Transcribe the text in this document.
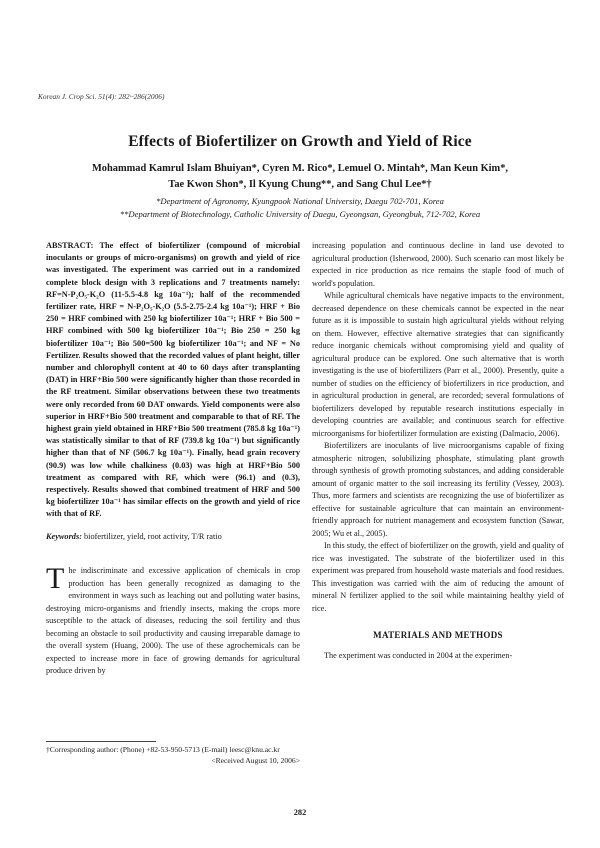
Korean J. Crop Sci. 51(4): 282~286(2006)
Effects of Biofertilizer on Growth and Yield of Rice
Mohammad Kamrul Islam Bhuiyan*, Cyren M. Rico*, Lemuel O. Mintah*, Man Keun Kim*,
Tae Kwon Shon*, Il Kyung Chung**, and Sang Chul Lee*†
*Department of Agronomy, Kyungpook National University, Daegu 702-701, Korea
**Department of Biotechnology, Catholic University of Daegu, Gyeongsan, Gyeongbuk, 712-702, Korea
ABSTRACT: The effect of biofertilizer (compound of microbial inoculants or groups of micro-organisms) on growth and yield of rice was investigated. The experiment was carried out in a randomized complete block design with 3 replications and 7 treatments namely: RF=N-P₂O₅-K₂O (11-5.5-4.8 kg 10a⁻¹); half of the recommended fertilizer rate, HRF = N-P₂O₅-K₂O (5.5-2.75-2.4 kg 10a⁻¹); HRF + Bio 250 = HRF combined with 250 kg biofertilizer 10a⁻¹; HRF + Bio 500 = HRF combined with 500 kg biofertilizer 10a⁻¹; Bio 250 = 250 kg biofertilizer 10a⁻¹; Bio 500=500 kg biofertilizer 10a⁻¹; and NF = No Fertilizer. Results showed that the recorded values of plant height, tiller number and chlorophyll content at 40 to 60 days after transplanting (DAT) in HRF+Bio 500 were significantly higher than those recorded in the RF treatment. Similar observations between these two treatments were only recorded from 60 DAT onwards. Yield components were also superior in HRF+Bio 500 treatment and comparable to that of RF. The highest grain yield obtained in HRF+Bio 500 treatment (785.8 kg 10a⁻¹) was statistically similar to that of RF (739.8 kg 10a⁻¹) but significantly higher than that of NF (506.7 kg 10a⁻¹). Finally, head grain recovery (90.9) was low while chalkiness (0.03) was high at HRF+Bio 500 treatment as compared with RF, which were (96.1) and (0.3), respectively. Results showed that combined treatment of HRF and 500 kg biofertilizer 10a⁻¹ has similar effects on the growth and yield of rice with that of RF.
Keywords: biofertilizer, yield, root activity, T/R ratio
T he indiscriminate and excessive application of chemicals in crop production has been generally recognized as damaging to the environment in ways such as leaching out and polluting water basins, destroying micro-organisms and friendly insects, making the crops more susceptible to the attack of diseases, reducing the soil fertility and thus becoming an obstacle to soil productivity and causing irreparable damage to the overall system (Huang, 2000). The use of these agrochemicals can be expected to increase more in face of growing demands for agricultural produce driven by

increasing population and continuous decline in land use devoted to agricultural production (Isherwood, 2000). Such scenario can most likely be expected in rice production as rice remains the staple food of much of world's population.

While agricultural chemicals have negative impacts to the environment, decreased dependence on these chemicals cannot be expected in the near future as it is impossible to sustain high agricultural yields without relying on them. However, effective alternative strategies that can significantly reduce inorganic chemicals without compromising yield and quality of agricultural produce can be explored. One such alternative that is worth investigating is the use of biofertilizers (Parr et al., 2000). Presently, quite a number of studies on the efficiency of biofertilizers in rice production, and in agricultural production in general, are recorded; several formulations of biofertilizers developed by reputable research institutions especially in developing countries are available; and continuous search for effective microorganisms for biofertilizer formulation are existing (Dalmacio, 2006).

Biofertilizers are inoculants of live microorganisms capable of fixing atmospheric nitrogen, solubilizing phosphate, stimulating plant growth through synthesis of growth promoting substances, and adding considerable amount of organic matter to the soil increasing its fertility (Vessey, 2003). Thus, more farmers and scientists are recognizing the use of biofertilizer as effective for sustainable agriculture that can maintain an environment-friendly approach for nutrient management and ecosystem function (Sawar, 2005; Wu et al., 2005).

In this study, the effect of biofertilizer on the growth, yield and quality of rice was investigated. The substrate of the biofertilizer used in this experiment was prepared from household waste materials and food residues. This investigation was carried with the aim of reducing the amount of mineral N fertilizer applied to the soil while maintaining healthy yield of rice.

MATERIALS AND METHODS

The experiment was conducted in 2004 at the experimen-

†Corresponding author: (Phone) +82-53-950-5713 (E-mail) leesc@knu.ac.kr
<Received August 10, 2006>
282
